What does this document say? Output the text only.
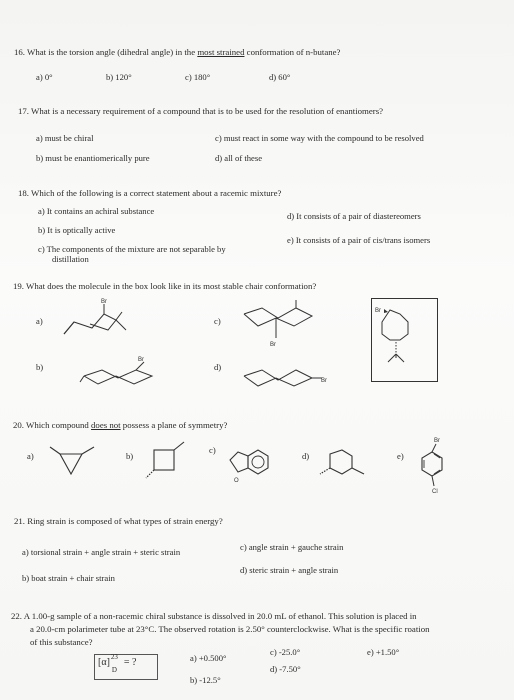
16. What is the torsion angle (dihedral angle) in the most strained conformation of n-butane?
a) 0°	b) 120°	c) 180°	d) 60°
17. What is a necessary requirement of a compound that is to be used for the resolution of enantiomers?
a) must be chiral
b) must be enantiomerically pure
c) must react in some way with the compound to be resolved
d) all of these
18. Which of the following is a correct statement about a racemic mixture?
a) It contains an achiral substance
b) It is optically active
c) The components of the mixture are not separable by
distillation
d) It consists of a pair of diastereomers
e) It consists of a pair of cis/trans isomers
19. What does the molecule in the box look like in its most stable chair conformation?
a)
b)
c)
d)
Br
Br
Br
Br
Br
20. Which compound does not possess a plane of symmetry?
a)	b)
c)
d)	e)
O
Br
Cl
21. Ring strain is composed of what types of strain energy?
a) torsional strain + angle strain + steric strain
b) boat strain + chair strain
c) angle strain + gauche strain
d) steric strain + angle strain
22. A 1.00-g sample of a non-racemic chiral substance is dissolved in 20.0 mL of ethanol. This solution is placed in
a 20.0-cm polarimeter tube at 23°C. The observed rotation is 2.50° counterclockwise. What is the specific roation
of this substance?
[α] 23
D
= ?	a) +0.500°
b) -12.5°
c) -25.0°
d) -7.50°
e) +1.50°
